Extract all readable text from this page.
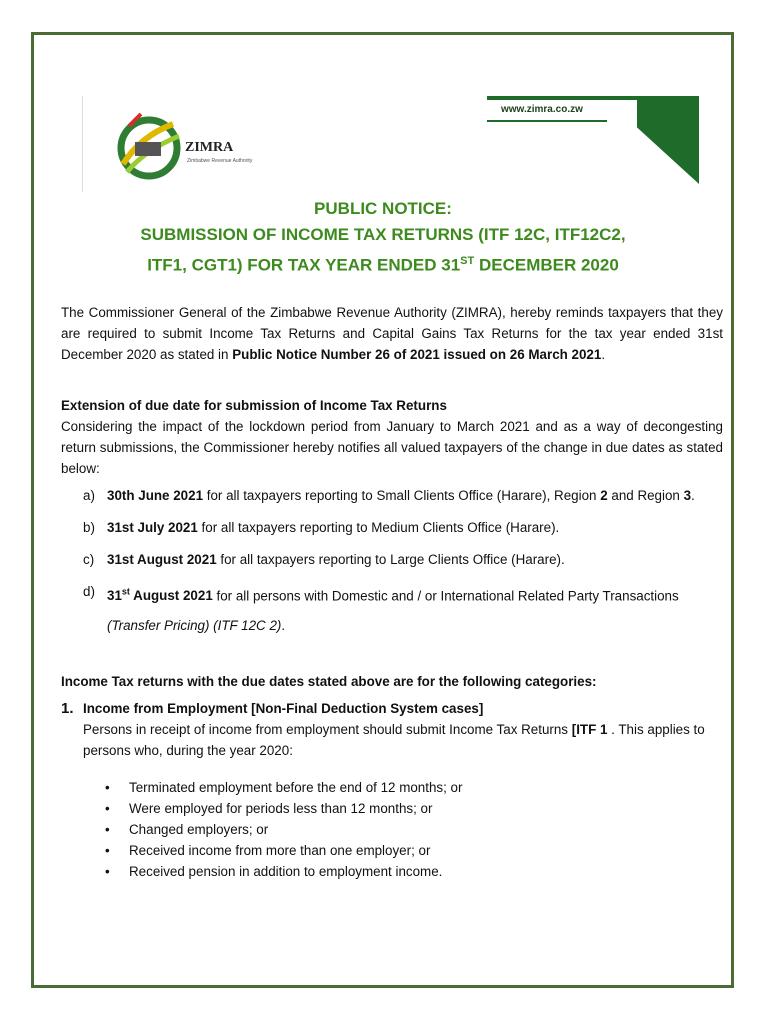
ZIMRA
Zimbabwe Revenue Authority
www.zimra.co.zw
PUBLIC NOTICE:
SUBMISSION OF INCOME TAX RETURNS (ITF 12C, ITF12C2,
ITF1, CGT1) FOR TAX YEAR ENDED 31ST DECEMBER 2020

The Commissioner General of the Zimbabwe Revenue Authority (ZIMRA), hereby reminds taxpayers that they are required to submit Income Tax Returns and Capital Gains Tax Returns for the tax year ended 31st December 2020 as stated in Public Notice Number 26 of 2021 issued on 26 March 2021.

Extension of due date for submission of Income Tax Returns

Considering the impact of the lockdown period from January to March 2021 and as a way of decongesting return submissions, the Commissioner hereby notifies all valued taxpayers of the change in due dates as stated below:

a) 30th June 2021 for all taxpayers reporting to Small Clients Office (Harare), Region 2 and Region 3.
b) 31st July 2021 for all taxpayers reporting to Medium Clients Office (Harare).
c) 31st August 2021 for all taxpayers reporting to Large Clients Office (Harare).
d) 31st August 2021 for all persons with Domestic and / or International Related Party Transactions (Transfer Pricing) (ITF 12C 2).

Income Tax returns with the due dates stated above are for the following categories:

1. Income from Employment [Non-Final Deduction System cases]

Persons in receipt of income from employment should submit Income Tax Returns [ITF 1 . This applies to persons who, during the year 2020:

• Terminated employment before the end of 12 months; or
• Were employed for periods less than 12 months; or
• Changed employers; or
• Received income from more than one employer; or
• Received pension in addition to employment income.
